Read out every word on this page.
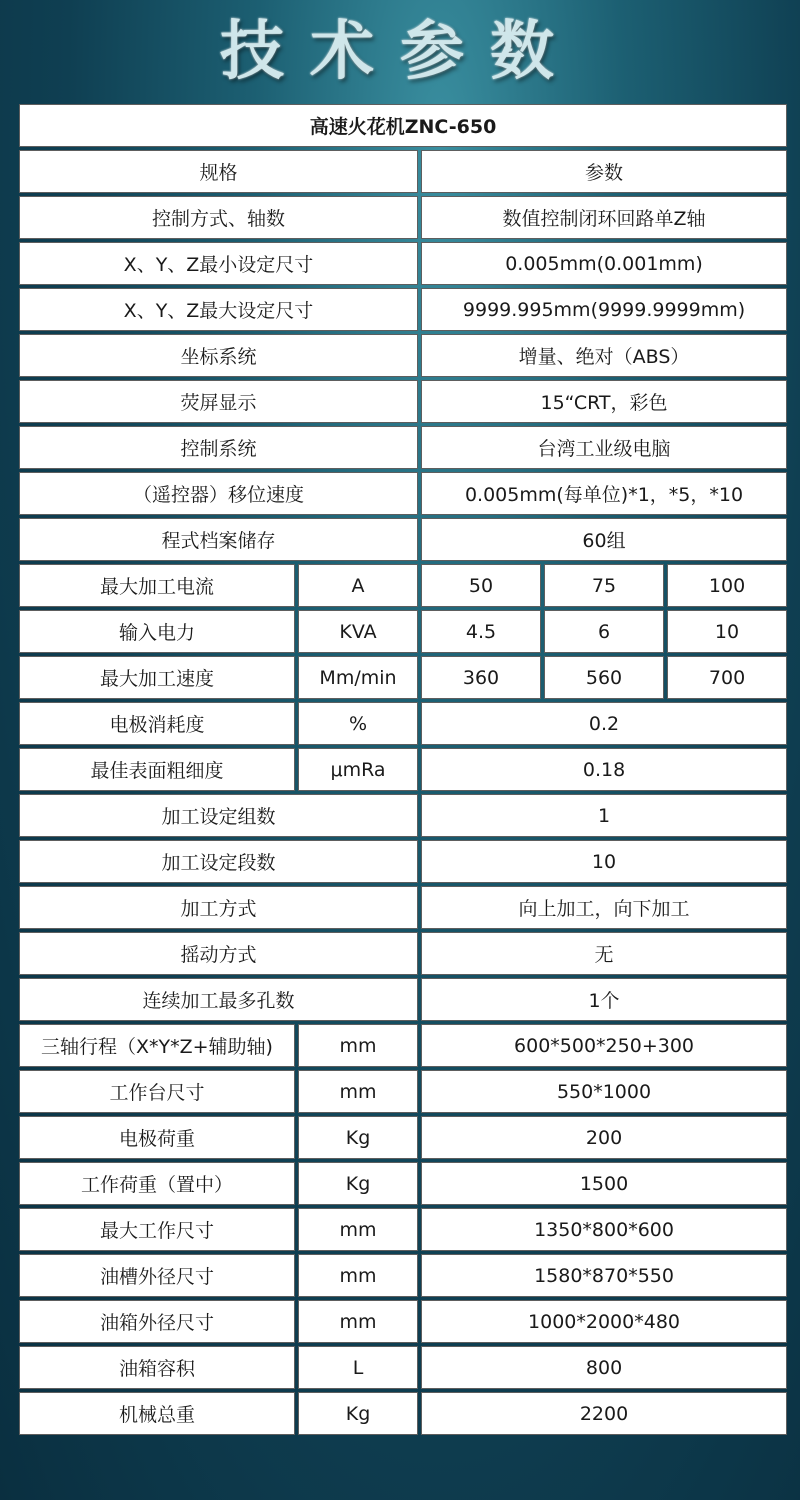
技术参数
高速火花机ZNC-650				
规格		参数		
控制方式、轴数		数值控制闭环回路单Z轴		
X、Y、Z最小设定尺寸		0.005mm(0.001mm)		
X、Y、Z最大设定尺寸		9999.995mm(9999.9999mm)		
坐标系统		增量、绝对（ABS）		
荧屏显示		15“CRT，彩色		
控制系统		台湾工业级电脑		
（遥控器）移位速度		0.005mm(每单位)*1，*5，*10		
程式档案储存		60组		
最大加工电流	A	50	75	100
输入电力	KVA	4.5	6	10
最大加工速度	Mm/min	360	560	700
电极消耗度	%	0.2		
最佳表面粗细度	μmRa	0.18		
加工设定组数		1		
加工设定段数		10		
加工方式		向上加工，向下加工		
摇动方式		无		
连续加工最多孔数		1个		
三轴行程（X*Y*Z+辅助轴)	mm	600*500*250+300		
工作台尺寸	mm	550*1000		
电极荷重	Kg	200		
工作荷重（置中）	Kg	1500		
最大工作尺寸	mm	1350*800*600		
油槽外径尺寸	mm	1580*870*550		
油箱外径尺寸	mm	1000*2000*480		
油箱容积	L	800		
机械总重	Kg	2200		
